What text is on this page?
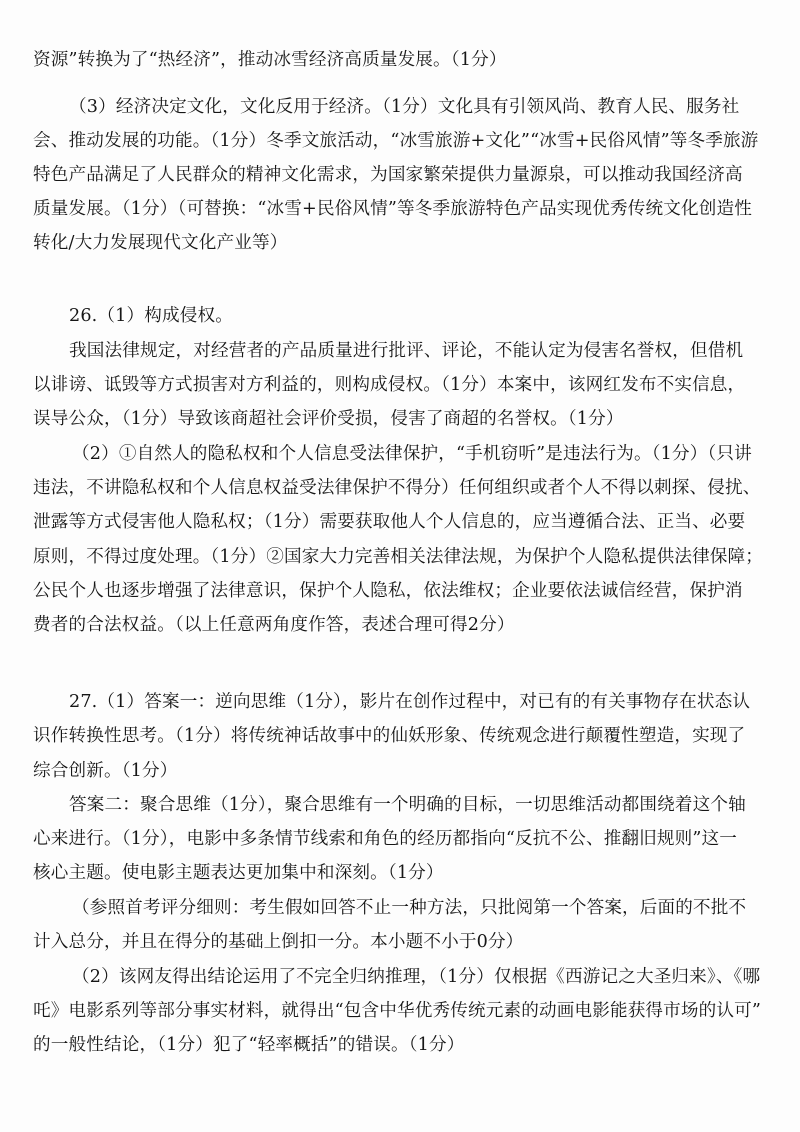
资源”转换为了“热经济”，推动冰雪经济高质量发展。（1分）
（3）经济决定文化，文化反用于经济。（1分）文化具有引领风尚、教育人民、服务社
会、推动发展的功能。（1分）冬季文旅活动，“冰雪旅游+文化”“冰雪+民俗风情”等冬季旅游
特色产品满足了人民群众的精神文化需求，为国家繁荣提供力量源泉，可以推动我国经济高
质量发展。（1分）（可替换：“冰雪+民俗风情”等冬季旅游特色产品实现优秀传统文化创造性
转化/大力发展现代文化产业等）
26.（1）构成侵权。
我国法律规定，对经营者的产品质量进行批评、评论，不能认定为侵害名誉权，但借机
以诽谤、诋毁等方式损害对方利益的，则构成侵权。（1分）本案中，该网红发布不实信息，
误导公众，（1分）导致该商超社会评价受损，侵害了商超的名誉权。（1分）
（2）①自然人的隐私权和个人信息受法律保护，“手机窃听”是违法行为。（1分）（只讲
违法，不讲隐私权和个人信息权益受法律保护不得分）任何组织或者个人不得以刺探、侵扰、
泄露等方式侵害他人隐私权；（1分）需要获取他人个人信息的，应当遵循合法、正当、必要
原则，不得过度处理。（1分）②国家大力完善相关法律法规，为保护个人隐私提供法律保障；
公民个人也逐步增强了法律意识，保护个人隐私，依法维权；企业要依法诚信经营，保护消
费者的合法权益。（以上任意两角度作答，表述合理可得2分）
27.（1）答案一：逆向思维（1分），影片在创作过程中，对已有的有关事物存在状态认
识作转换性思考。（1分）将传统神话故事中的仙妖形象、传统观念进行颠覆性塑造，实现了
综合创新。（1分）
答案二：聚合思维（1分），聚合思维有一个明确的目标，一切思维活动都围绕着这个轴
心来进行。（1分），电影中多条情节线索和角色的经历都指向“反抗不公、推翻旧规则”这一
核心主题。使电影主题表达更加集中和深刻。（1分）
（参照首考评分细则：考生假如回答不止一种方法，只批阅第一个答案，后面的不批不
计入总分，并且在得分的基础上倒扣一分。本小题不小于0分）
（2）该网友得出结论运用了不完全归纳推理，（1分）仅根据《西游记之大圣归来》、《哪
吒》电影系列等部分事实材料，就得出“包含中华优秀传统元素的动画电影能获得市场的认可”
的一般性结论，（1分）犯了“轻率概括”的错误。（1分）
